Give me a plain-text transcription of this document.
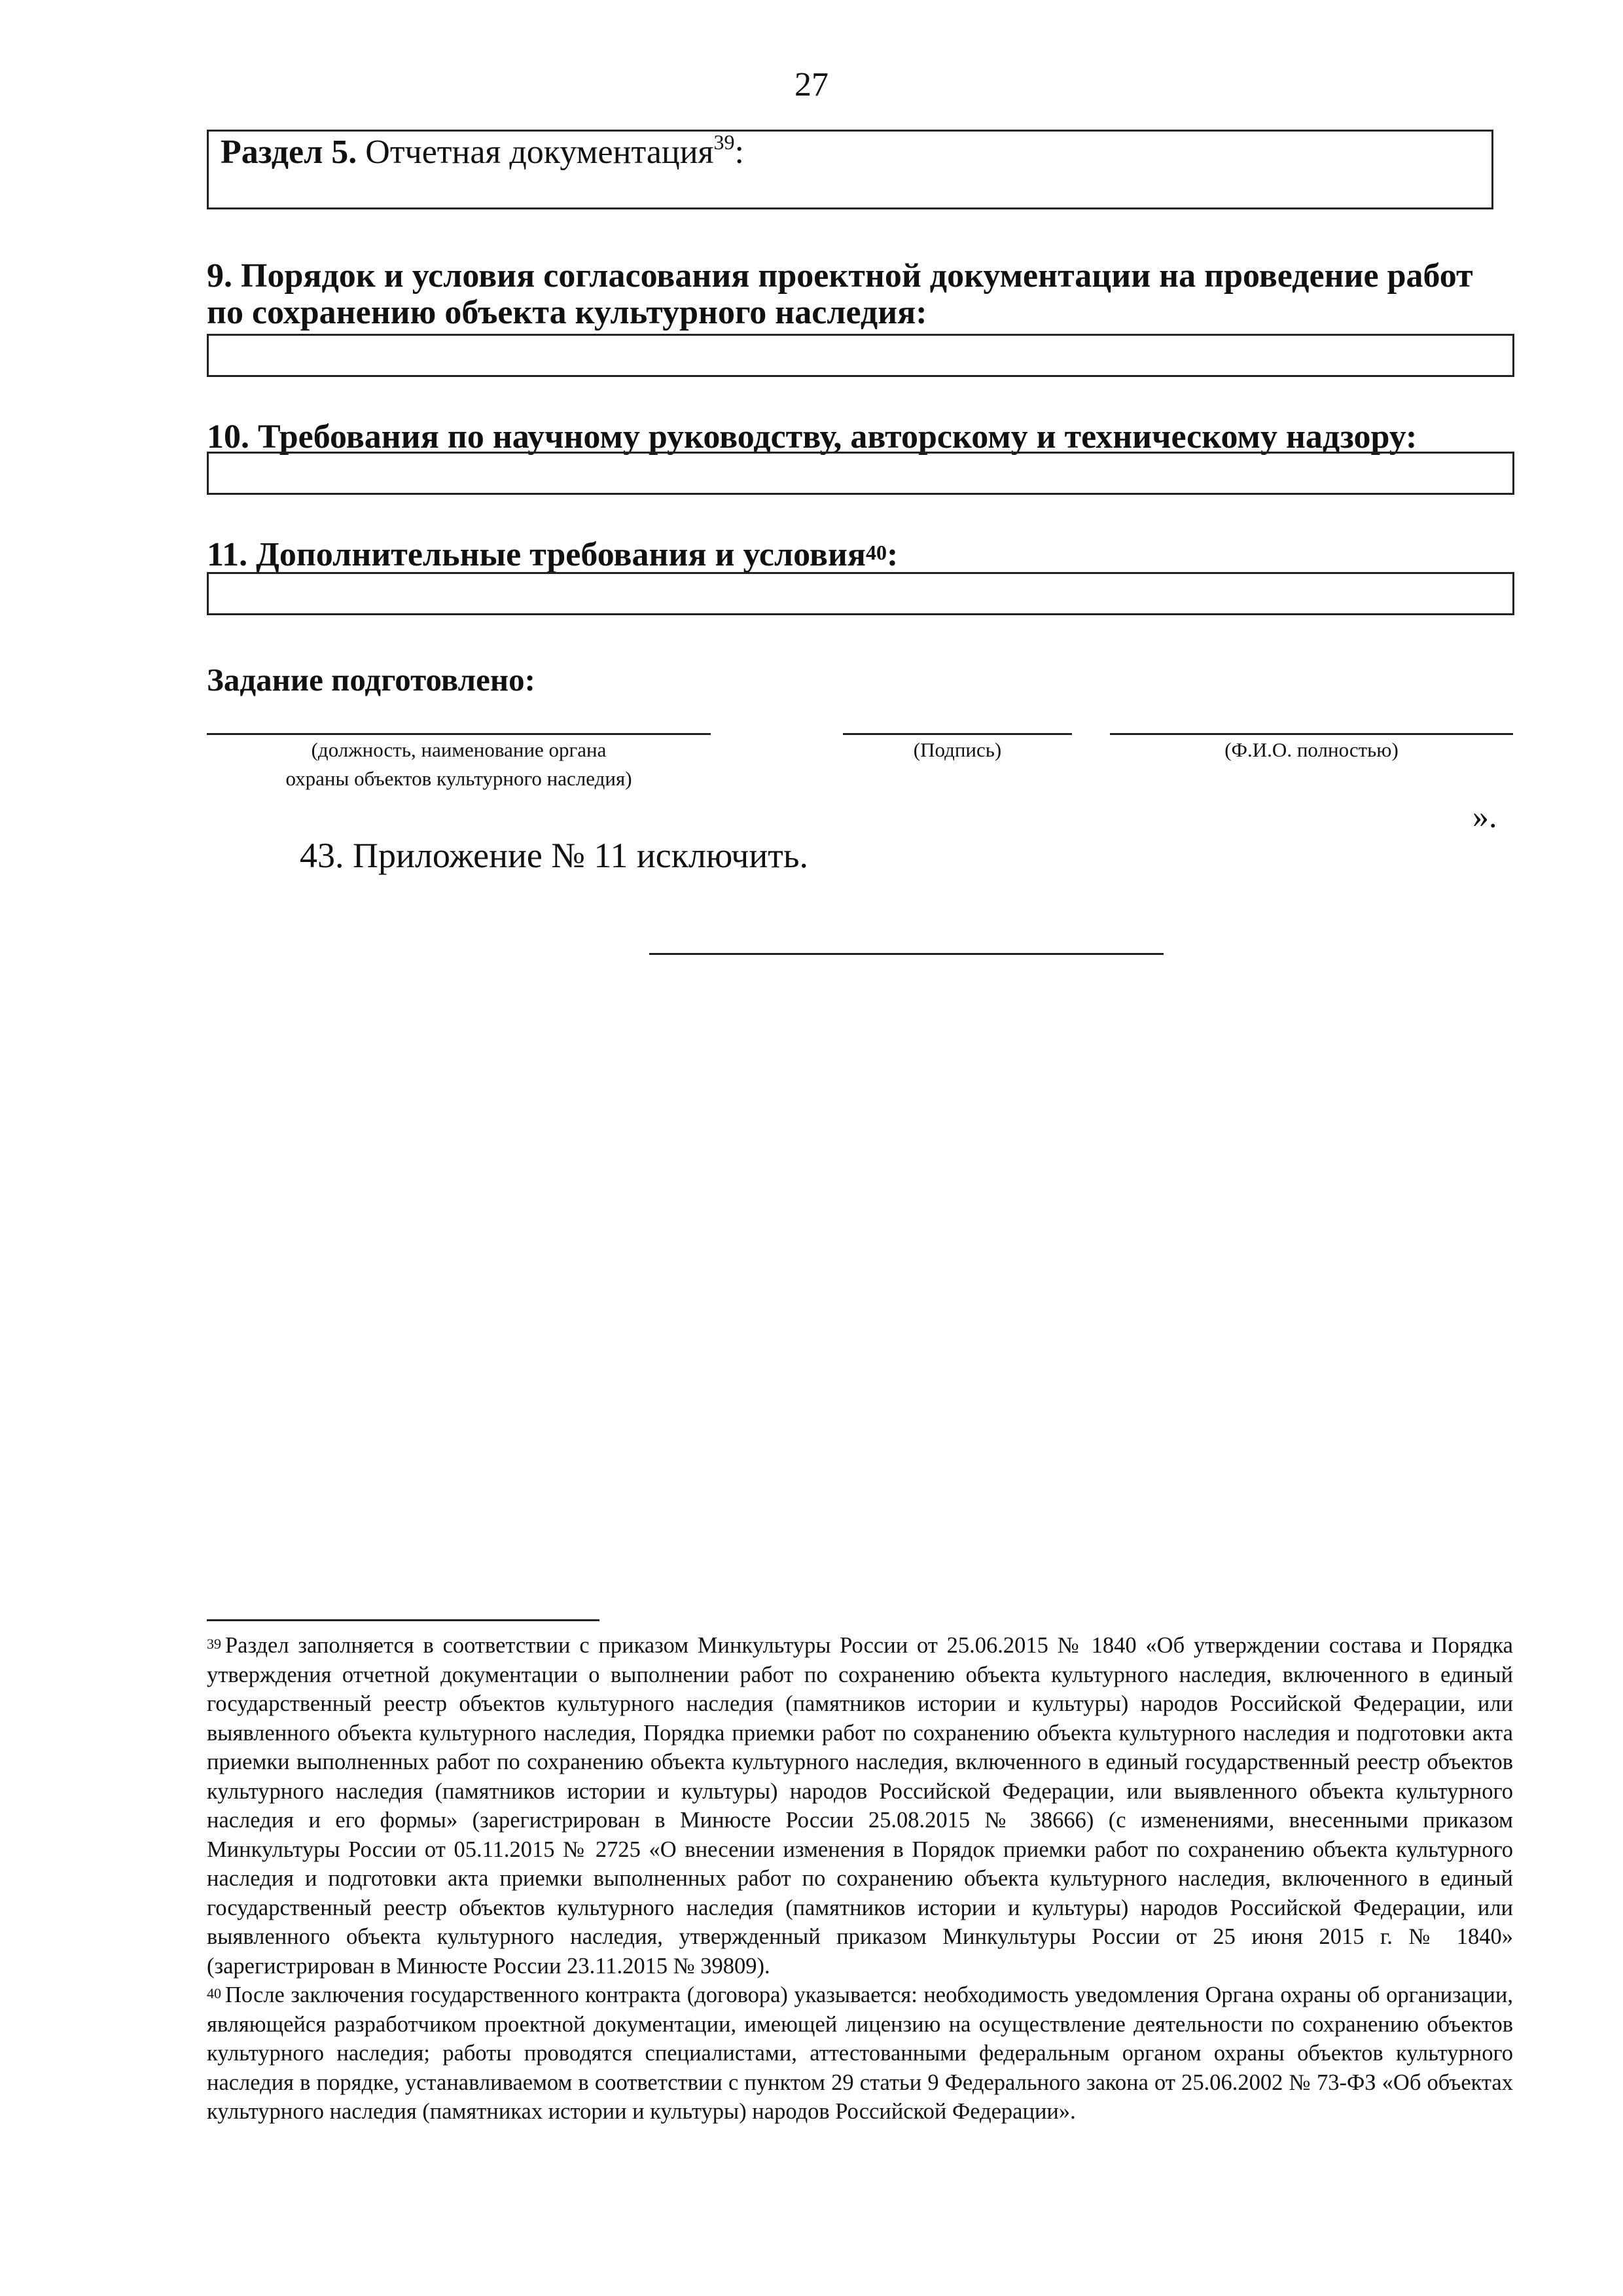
27
Раздел 5. Отчетная документация$^{39}$:
9. Порядок и условия согласования проектной документации на проведение работ
по сохранению объекта культурного наследия:
10. Требования по научному руководству, авторскому и техническому надзору:
11. Дополнительные требования и условия$^{40}$:
Задание подготовлено:
(должность, наименование органа
охраны объектов культурного наследия)
(Подпись)	(Ф.И.О. полностью)
».
43. Приложение № 11 исключить.

$^{39}$ Раздел заполняется в соответствии с приказом Минкультуры России от 25.06.2015 № 1840 «Об утверждении состава и Порядка утверждения отчетной документации о выполнении работ по сохранению объекта культурного наследия, включенного в единый государственный реестр объектов культурного наследия (памятников истории и культуры) народов Российской Федерации, или выявленного объекта культурного наследия, Порядка приемки работ по сохранению объекта культурного наследия и подготовки акта приемки выполненных работ по сохранению объекта культурного наследия, включенного в единый государственный реестр объектов культурного наследия (памятников истории и культуры) народов Российской Федерации, или выявленного объекта культурного наследия и его формы» (зарегистрирован в Минюсте России 25.08.2015 № 38666) (с изменениями, внесенными приказом Минкультуры России от 05.11.2015 № 2725 «О внесении изменения в Порядок приемки работ по сохранению объекта культурного наследия и подготовки акта приемки выполненных работ по сохранению объекта культурного наследия, включенного в единый государственный реестр объектов культурного наследия (памятников истории и культуры) народов Российской Федерации, или выявленного объекта культурного наследия, утвержденный приказом Минкультуры России от 25 июня 2015 г. № 1840» (зарегистрирован в Минюсте России 23.11.2015 № 39809).

$^{40}$ После заключения государственного контракта (договора) указывается: необходимость уведомления Органа охраны об организации, являющейся разработчиком проектной документации, имеющей лицензию на осуществление деятельности по сохранению объектов культурного наследия; работы проводятся специалистами, аттестованными федеральным органом охраны объектов культурного наследия в порядке, устанавливаемом в соответствии с пунктом 29 статьи 9 Федерального закона от 25.06.2002 № 73-ФЗ «Об объектах культурного наследия (памятниках истории и культуры) народов Российской Федерации».
